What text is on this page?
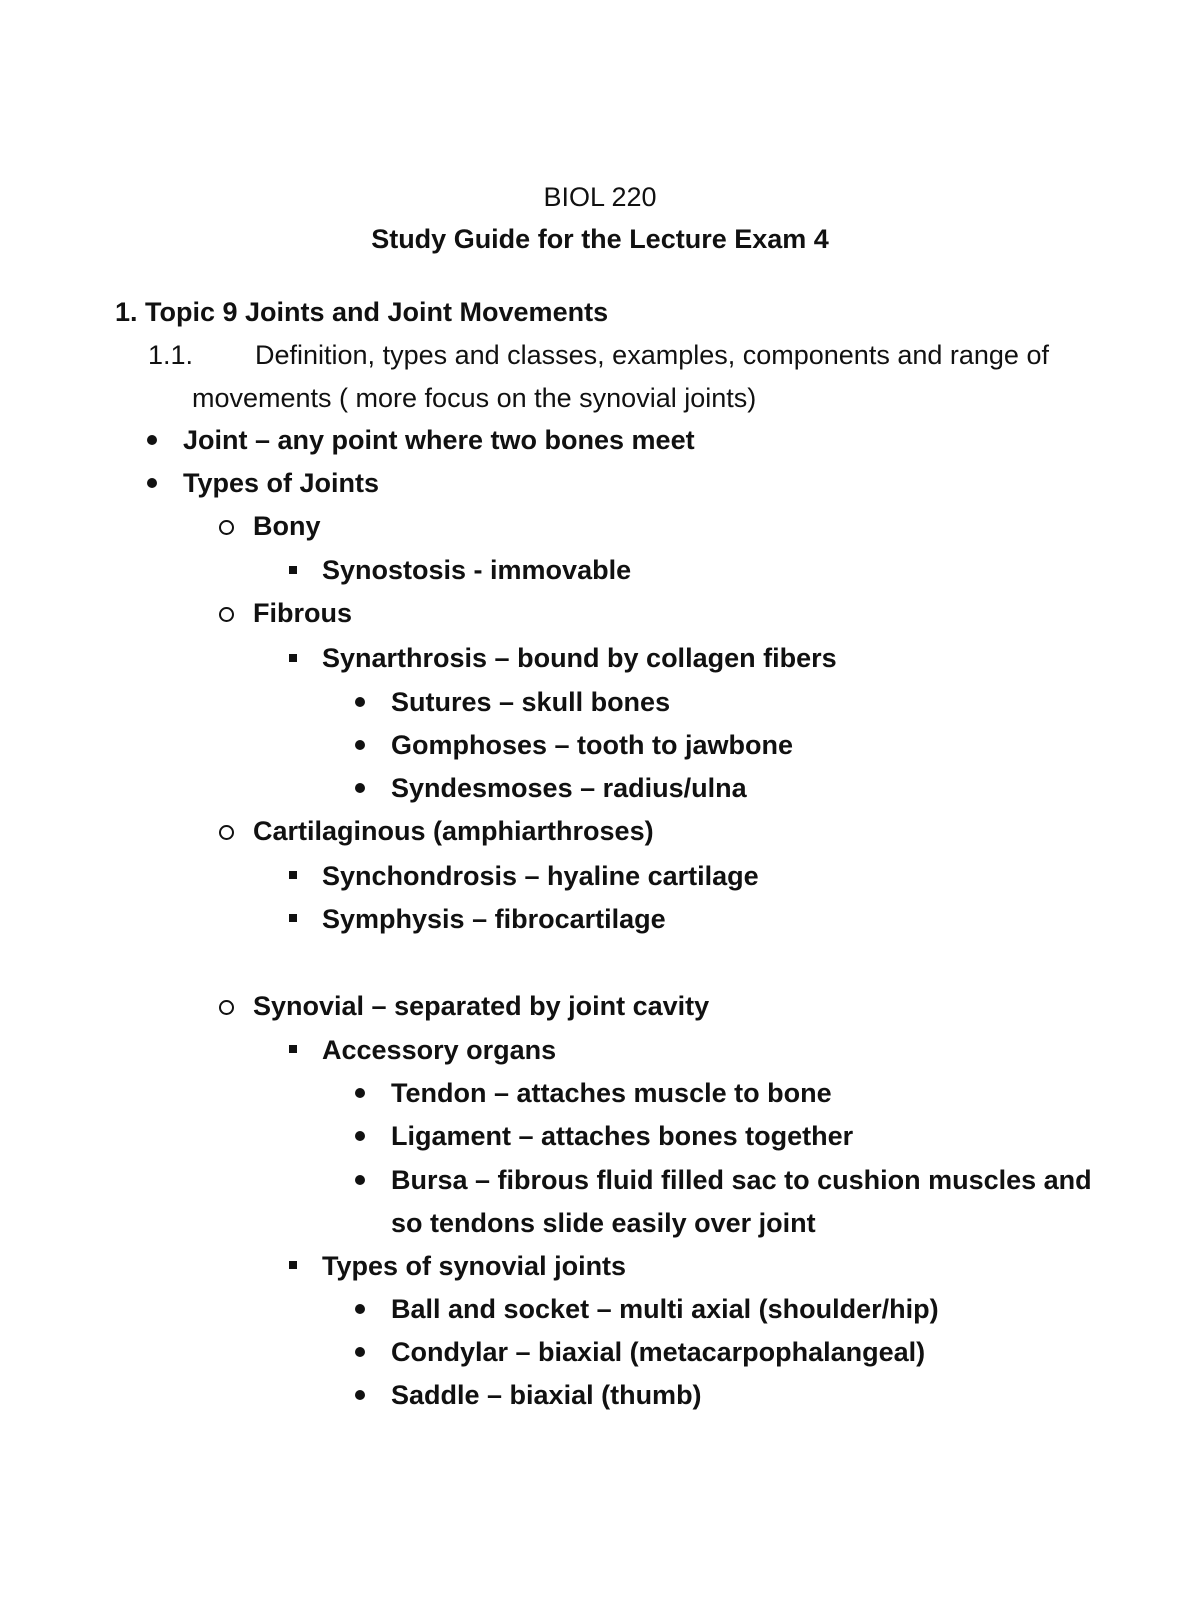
BIOL 220
Study Guide for the Lecture Exam 4
1. Topic 9 Joints and Joint Movements
1.1. Definition, types and classes, examples, components and range of
movements ( more focus on the synovial joints)
Joint – any point where two bones meet
Types of Joints
Bony
Synostosis - immovable
Fibrous
Synarthrosis – bound by collagen fibers
Sutures – skull bones
Gomphoses – tooth to jawbone
Syndesmoses – radius/ulna
Cartilaginous (amphiarthroses)
Synchondrosis – hyaline cartilage
Symphysis – fibrocartilage
Synovial – separated by joint cavity
Accessory organs
Tendon – attaches muscle to bone
Ligament – attaches bones together
Bursa – fibrous fluid filled sac to cushion muscles and
so tendons slide easily over joint
Types of synovial joints
Ball and socket – multi axial (shoulder/hip)
Condylar – biaxial (metacarpophalangeal)
Saddle – biaxial (thumb)
